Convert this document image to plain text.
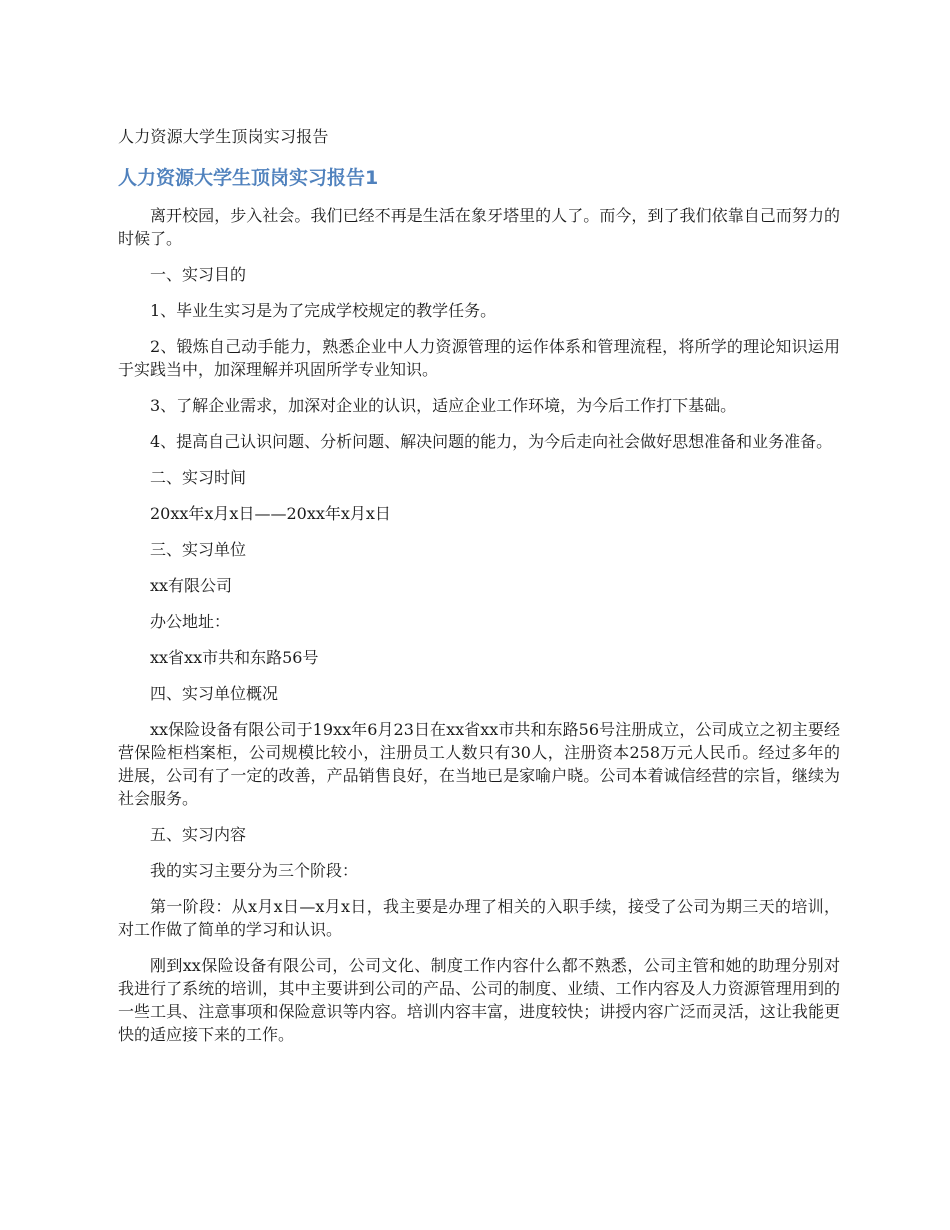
人力资源大学生顶岗实习报告
人力资源大学生顶岗实习报告1

离开校园，步入社会。我们已经不再是生活在象牙塔里的人了。而今，到了我们依靠自己而努力的时候了。

一、实习目的

1、毕业生实习是为了完成学校规定的教学任务。

2、锻炼自己动手能力，熟悉企业中人力资源管理的运作体系和管理流程，将所学的理论知识运用于实践当中，加深理解并巩固所学专业知识。

3、了解企业需求，加深对企业的认识，适应企业工作环境，为今后工作打下基础。

4、提高自己认识问题、分析问题、解决问题的能力，为今后走向社会做好思想准备和业务准备。

二、实习时间

20xx年x月x日——20xx年x月x日

三、实习单位

xx有限公司

办公地址：

xx省xx市共和东路56号

四、实习单位概况

xx保险设备有限公司于19xx年6月23日在xx省xx市共和东路56号注册成立，公司成立之初主要经营保险柜档案柜，公司规模比较小，注册员工人数只有30人，注册资本258万元人民币。经过多年的进展，公司有了一定的改善，产品销售良好，在当地已是家喻户晓。公司本着诚信经营的宗旨，继续为社会服务。

五、实习内容

我的实习主要分为三个阶段：

第一阶段：从x月x日—x月x日，我主要是办理了相关的入职手续，接受了公司为期三天的培训，对工作做了简单的学习和认识。

刚到xx保险设备有限公司，公司文化、制度工作内容什么都不熟悉，公司主管和她的助理分别对我进行了系统的培训，其中主要讲到公司的产品、公司的制度、业绩、工作内容及人力资源管理用到的一些工具、注意事项和保险意识等内容。培训内容丰富，进度较快；讲授内容广泛而灵活，这让我能更快的适应接下来的工作。
